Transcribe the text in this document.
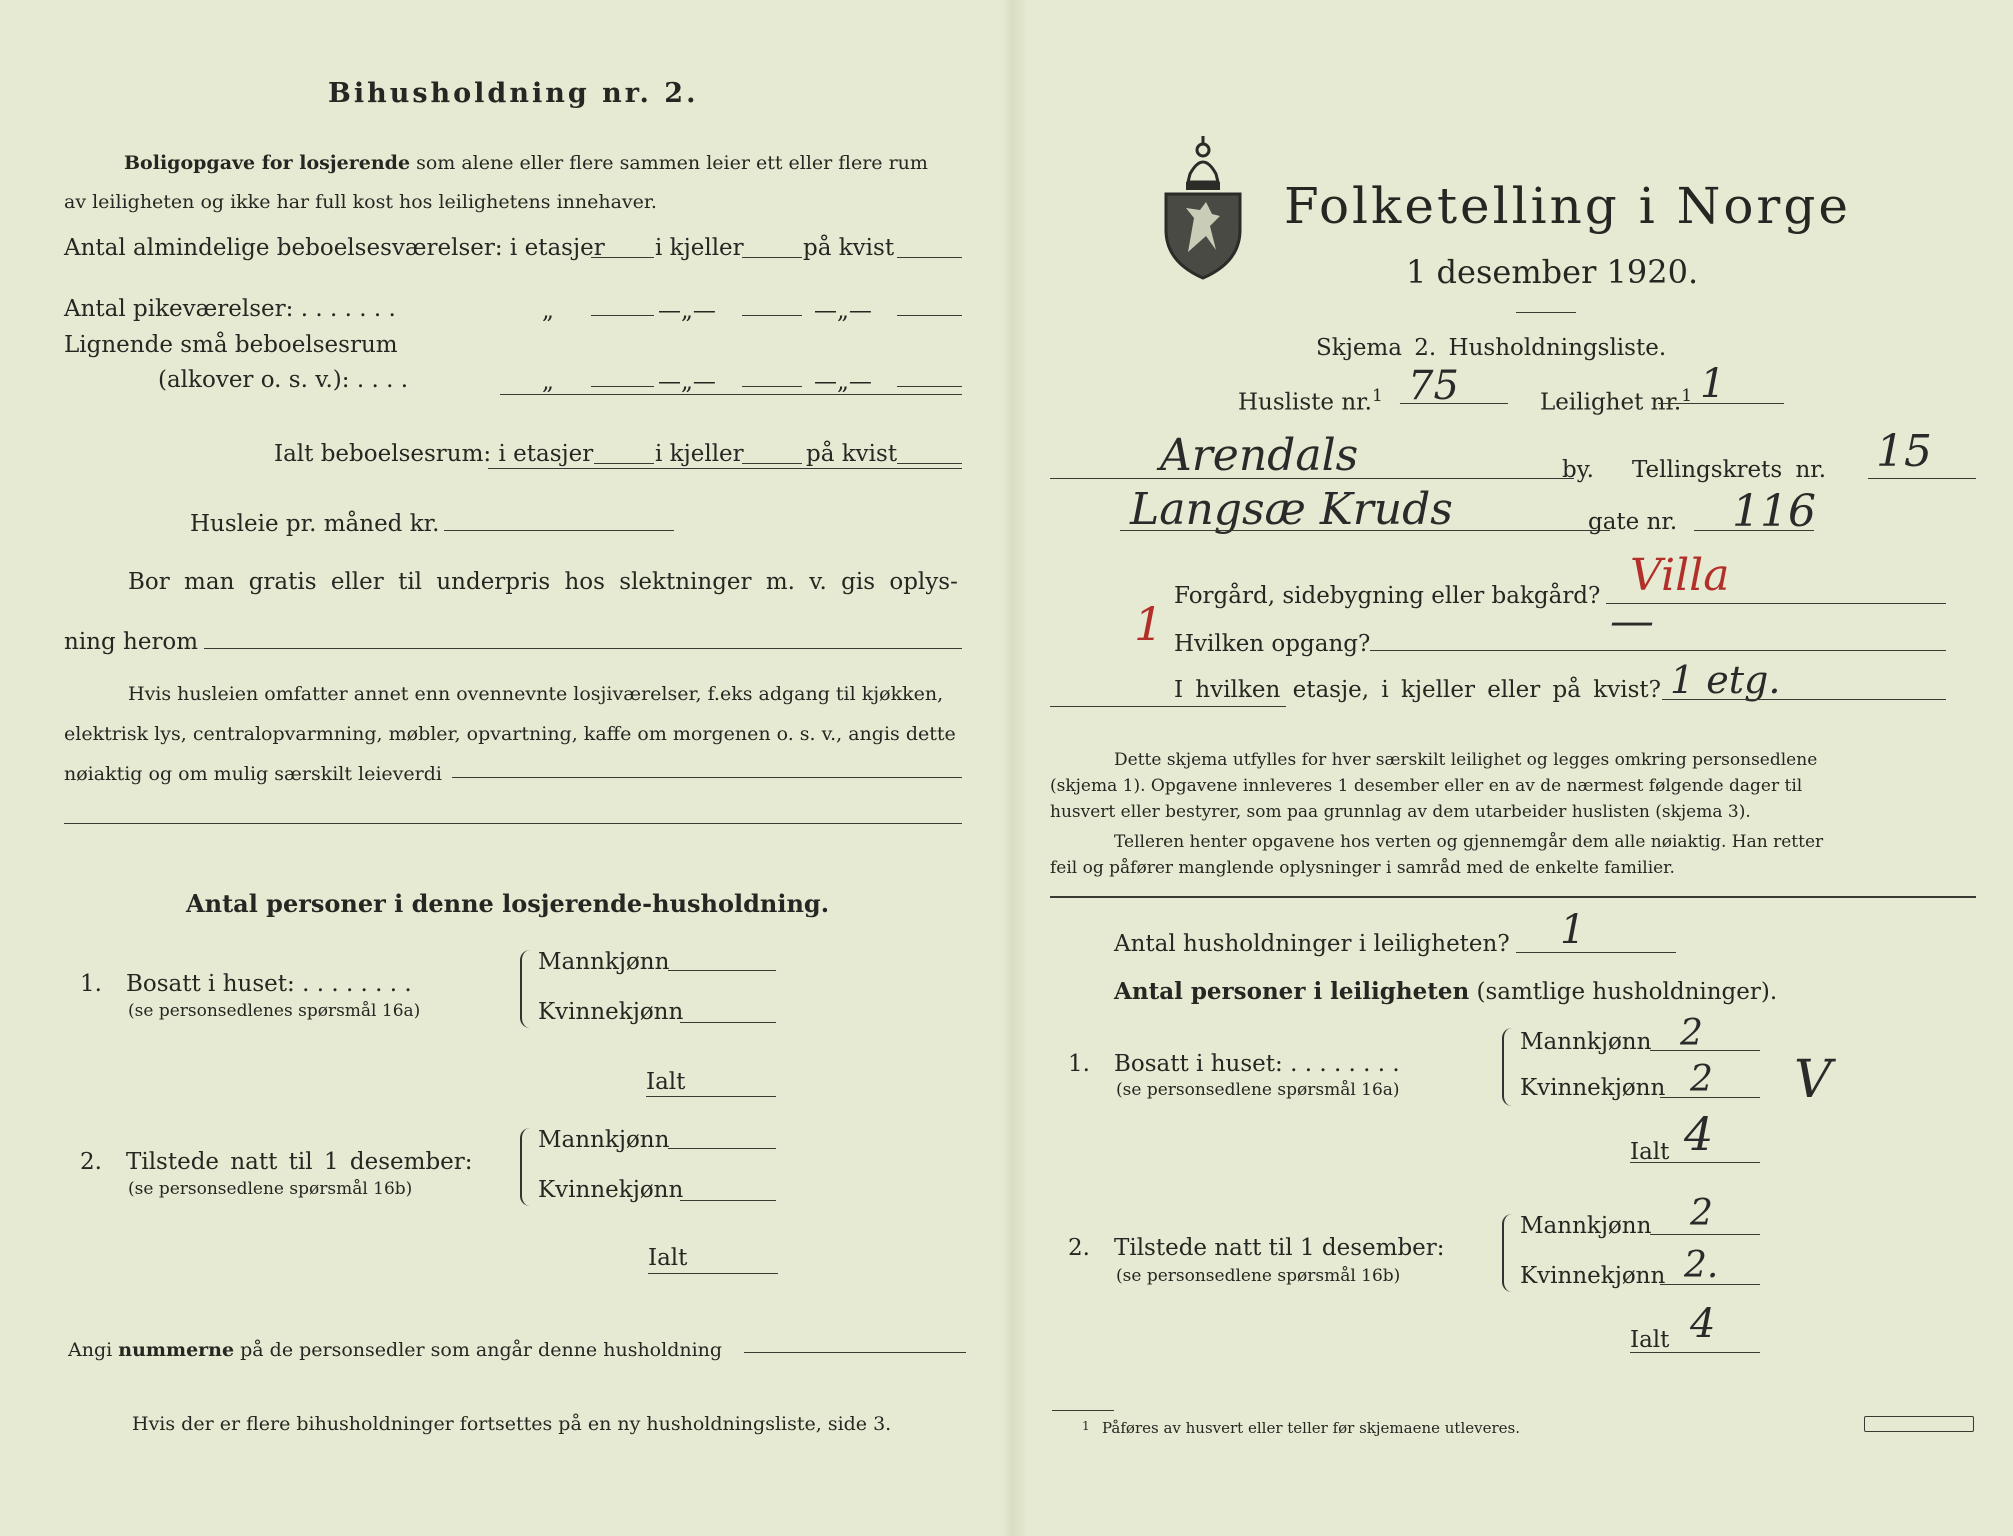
Bihusholdning nr. 2.
Boligopgave for losjerende som alene eller flere sammen leier ett eller flere rum
av leiligheten og ikke har full kost hos leilighetens innehaver.
Antal almindelige beboelsesværelser: i etasjer i kjeller	på kvist
Antal pikeværelser: . . . . . . .	„	—„—	—„—
Lignende små beboelsesrum
(alkover o. s. v.): . . . .	„	—„—	—„—
Ialt beboelsesrum: i etasjer	i kjeller	på kvist
Husleie pr. måned kr.
Bor man gratis eller til underpris hos slektninger m. v. gis oplys-
ning herom
Hvis husleien omfatter annet enn ovennevnte losjiværelser, f.eks adgang til kjøkken,
elektrisk lys, centralopvarmning, møbler, opvartning, kaffe om morgenen o. s. v., angis dette
nøiaktig og om mulig særskilt leieverdi
Antal personer i denne losjerende-husholdning.
1. Bosatt i huset: . . . . . . . .
(se personsedlenes spørsmål 16a)
Mannkjønn
Kvinnekjønn
Ialt
2. Tilstede natt til 1 desember:
(se personsedlene spørsmål 16b)
Mannkjønn
Kvinnekjønn
Ialt
Angi nummerne på de personsedler som angår denne husholdning
Hvis der er flere bihusholdninger fortsettes på en ny husholdningsliste, side 3.
Folketelling i Norge
1 desember 1920.
Skjema 2. Husholdningsliste.
Husliste nr.$^1$ 75	Leilighet nr.$^1$ 1
Arendals	by. Tellingskrets nr. 15
Langsæ Kruds	gate nr. 116
Forgård, sidebygning eller bakgård? Villa
1 Hvilken opgang?	—
I hvilken etasje, i kjeller eller på kvist? 1 etg.
Dette skjema utfylles for hver særskilt leilighet og legges omkring personsedlene
(skjema 1). Opgavene innleveres 1 desember eller en av de nærmest følgende dager til
husvert eller bestyrer, som paa grunnlag av dem utarbeider huslisten (skjema 3).
Telleren henter opgavene hos verten og gjennemgår dem alle nøiaktig. Han retter
feil og påfører manglende oplysninger i samråd med de enkelte familier.
Antal husholdninger i leiligheten? 1
Antal personer i leiligheten (samtlige husholdninger).
1. Bosatt i huset: . . . . . . . .
(se personsedlene spørsmål 16a)
Mannkjønn 2
Kvinnekjønn 2 V
Ialt 4
2. Tilstede natt til 1 desember:
(se personsedlene spørsmål 16b)
Mannkjønn 2
Kvinnekjønn 2.
Ialt 4
1 Påføres av husvert eller teller før skjemaene utleveres.
